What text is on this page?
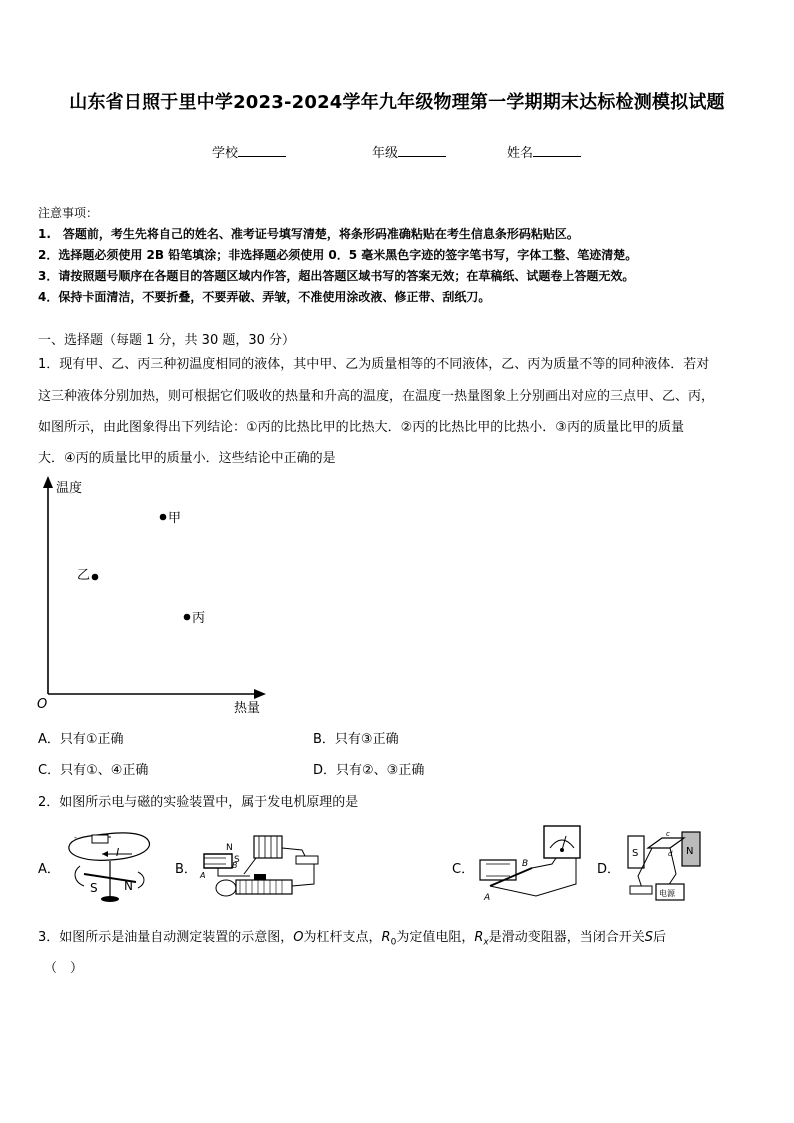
山东省日照于里中学2023-2024学年九年级物理第一学期期末达标检测模拟试题
学校	年级	姓名
注意事项：
1.　答题前，考生先将自己的姓名、准考证号填写清楚，将条形码准确粘贴在考生信息条形码粘贴区。
2．选择题必须使用 2B 铅笔填涂；非选择题必须使用 0．5 毫米黑色字迹的签字笔书写，字体工整、笔迹清楚。
3．请按照题号顺序在各题目的答题区域内作答，超出答题区域书写的答案无效；在草稿纸、试题卷上答题无效。
4．保持卡面清洁，不要折叠，不要弄破、弄皱，不准使用涂改液、修正带、刮纸刀。
一、选择题（每题 1 分，共 30 题，30 分）
1．现有甲、乙、丙三种初温度相同的液体，其中甲、乙为质量相等的不同液体，乙、丙为质量不等的同种液体．若对
这三种液体分别加热，则可根据它们吸收的热量和升高的温度，在温度一热量图象上分别画出对应的三点甲、乙、丙，
如图所示，由此图象得出下列结论：①丙的比热比甲的比热大．②丙的比热比甲的比热小．③丙的质量比甲的质量
大．④丙的质量比甲的质量小．这些结论中正确的是
温度
热量
O
甲
乙
丙
A．只有①正确	B．只有③正确
C．只有①、④正确	D．只有②、③正确
2．如图所示电与磁的实验装置中，属于发电机原理的是
A．	B．	C．	D．
-
I
S N
N
S
A
B	B
A
S	N
c
d
电源
3．如图所示是油量自动测定装置的示意图，O为杠杆支点，$R_0$为定值电阻，$R_x$是滑动变阻器，当闭合开关S后
（　）
